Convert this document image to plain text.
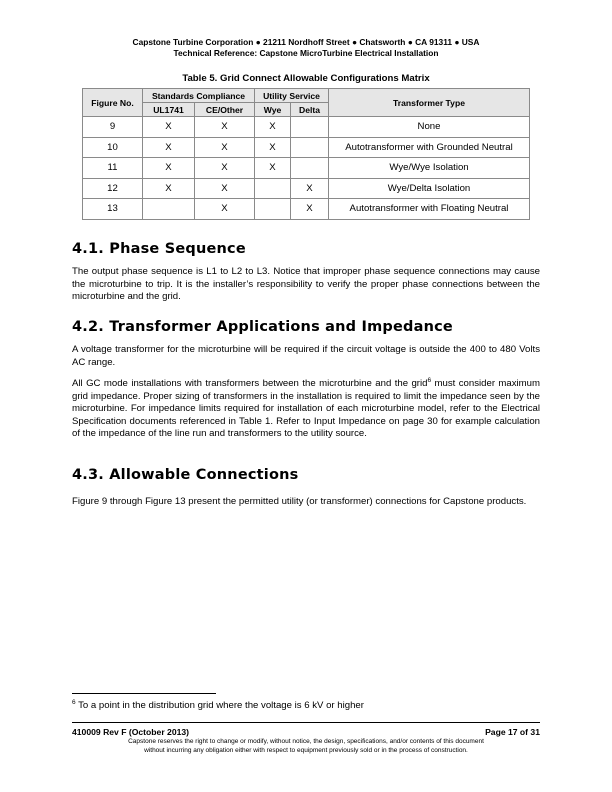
Capstone Turbine Corporation ● 21211 Nordhoff Street ● Chatsworth ● CA 91311 ● USA
Technical Reference: Capstone MicroTurbine Electrical Installation
Table 5. Grid Connect Allowable Configurations Matrix
Figure No.	Standards Compliance		Utility Service		Transformer Type
	UL1741	CE/Other	Wye	Delta	
9	X	X	X		None
10	X	X	X		Autotransformer with Grounded Neutral
11	X	X	X		Wye/Wye Isolation
12	X	X		X	Wye/Delta Isolation
13		X		X	Autotransformer with Floating Neutral
4.1. Phase Sequence

The output phase sequence is L1 to L2 to L3. Notice that improper phase sequence connections may cause the microturbine to trip. It is the installer’s responsibility to verify the proper phase connections between the microturbine and the grid.

4.2. Transformer Applications and Impedance

A voltage transformer for the microturbine will be required if the circuit voltage is outside the 400 to 480 Volts AC range.

All GC mode installations with transformers between the microturbine and the grid$^6$ must consider maximum grid impedance. Proper sizing of transformers in the installation is required to limit the impedance seen by the microturbine. For impedance limits required for installation of each microturbine model, refer to the Electrical Specification documents referenced in Table 1. Refer to Input Impedance on page 30 for example calculation of the impedance of the line run and transformers to the utility source.

4.3. Allowable Connections

Figure 9 through Figure 13 present the permitted utility (or transformer) connections for Capstone products.

$^6$ To a point in the distribution grid where the voltage is 6 kV or higher
410009 Rev F (October 2013)	Page 17 of 31
Capstone reserves the right to change or modify, without notice, the design, specifications, and/or contents of this document
without incurring any obligation either with respect to equipment previously sold or in the process of construction.
